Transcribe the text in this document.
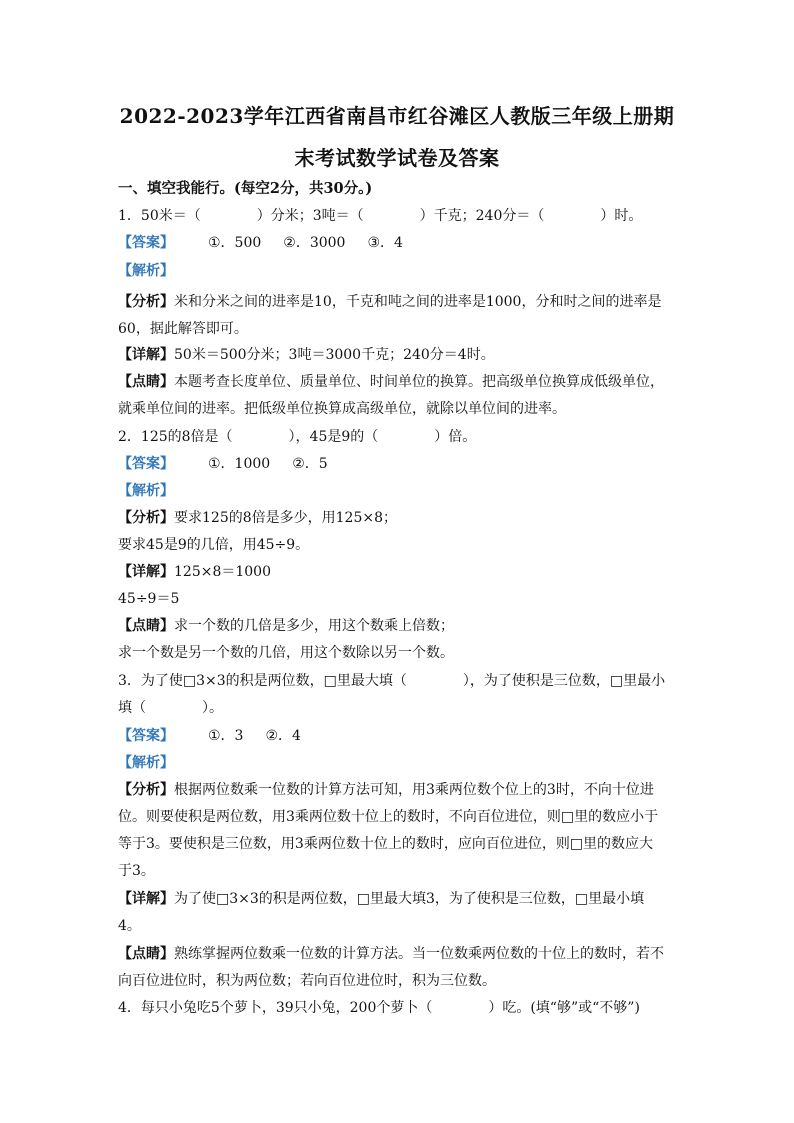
2022-2023学年江西省南昌市红谷滩区人教版三年级上册期
末考试数学试卷及答案
一、填空我能行。(每空2分，共30分。)
1．50米＝（　　　　）分米；3吨＝（　　　　）千克；240分＝（　　　　）时。
【答案】 ①．500 ②．3000 ③．4
【解析】
【分析】米和分米之间的进率是10，千克和吨之间的进率是1000，分和时之间的进率是
60，据此解答即可。
【详解】50米＝500分米；3吨＝3000千克；240分＝4时。
【点睛】本题考查长度单位、质量单位、时间单位的换算。把高级单位换算成低级单位，
就乘单位间的进率。把低级单位换算成高级单位，就除以单位间的进率。
2．125的8倍是（　　　　），45是9的（　　　　）倍。
【答案】 ①．1000 ②．5
【解析】
【分析】要求125的8倍是多少，用125×8；
要求45是9的几倍，用45÷9。
【详解】125×8＝1000
45÷9＝5
【点睛】求一个数的几倍是多少，用这个数乘上倍数；
求一个数是另一个数的几倍，用这个数除以另一个数。
3．为了使□3×3的积是两位数，□里最大填（　　　　），为了使积是三位数，□里最小
填（　　　　）。
【答案】 ①．3 ②．4
【解析】
【分析】根据两位数乘一位数的计算方法可知，用3乘两位数个位上的3时，不向十位进
位。则要使积是两位数，用3乘两位数十位上的数时，不向百位进位，则□里的数应小于
等于3。要使积是三位数，用3乘两位数十位上的数时，应向百位进位，则□里的数应大
于3。
【详解】为了使□3×3的积是两位数，□里最大填3，为了使积是三位数，□里最小填
4。
【点睛】熟练掌握两位数乘一位数的计算方法。当一位数乘两位数的十位上的数时，若不
向百位进位时，积为两位数；若向百位进位时，积为三位数。
4．每只小兔吃5个萝卜，39只小兔，200个萝卜（　　　　）吃。(填“够”或“不够”)
